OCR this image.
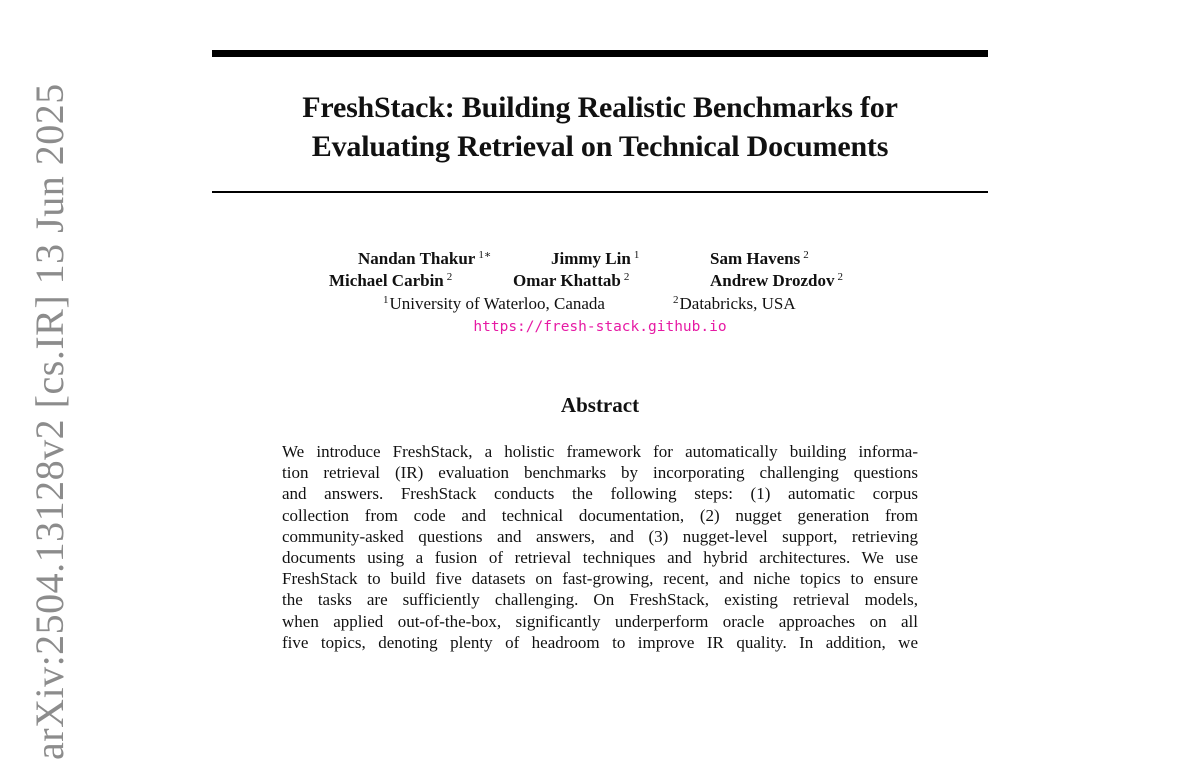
FreshStack: Building Realistic Benchmarks for
Evaluating Retrieval on Technical Documents
Nandan Thakur $^{1∗}$	Jimmy Lin $^1$	Sam Havens $^2$
Michael Carbin $^2$	Omar Khattab $^2$	Andrew Drozdov $^2$
$^1$University of Waterloo, Canada	$^2$Databricks, USA
https://fresh-stack.github.io
Abstract
We introduce FreshStack, a holistic framework for automatically building informa-
tion retrieval (IR) evaluation benchmarks by incorporating challenging questions
and answers. FreshStack conducts the following steps: (1) automatic corpus
collection from code and technical documentation, (2) nugget generation from
community-asked questions and answers, and (3) nugget-level support, retrieving
documents using a fusion of retrieval techniques and hybrid architectures. We use
FreshStack to build five datasets on fast-growing, recent, and niche topics to ensure
the tasks are sufficiently challenging. On FreshStack, existing retrieval models,
when applied out-of-the-box, significantly underperform oracle approaches on all
five topics, denoting plenty of headroom to improve IR quality. In addition, we
arXiv:2504.13128v2 [cs.IR] 13 Jun 2025
